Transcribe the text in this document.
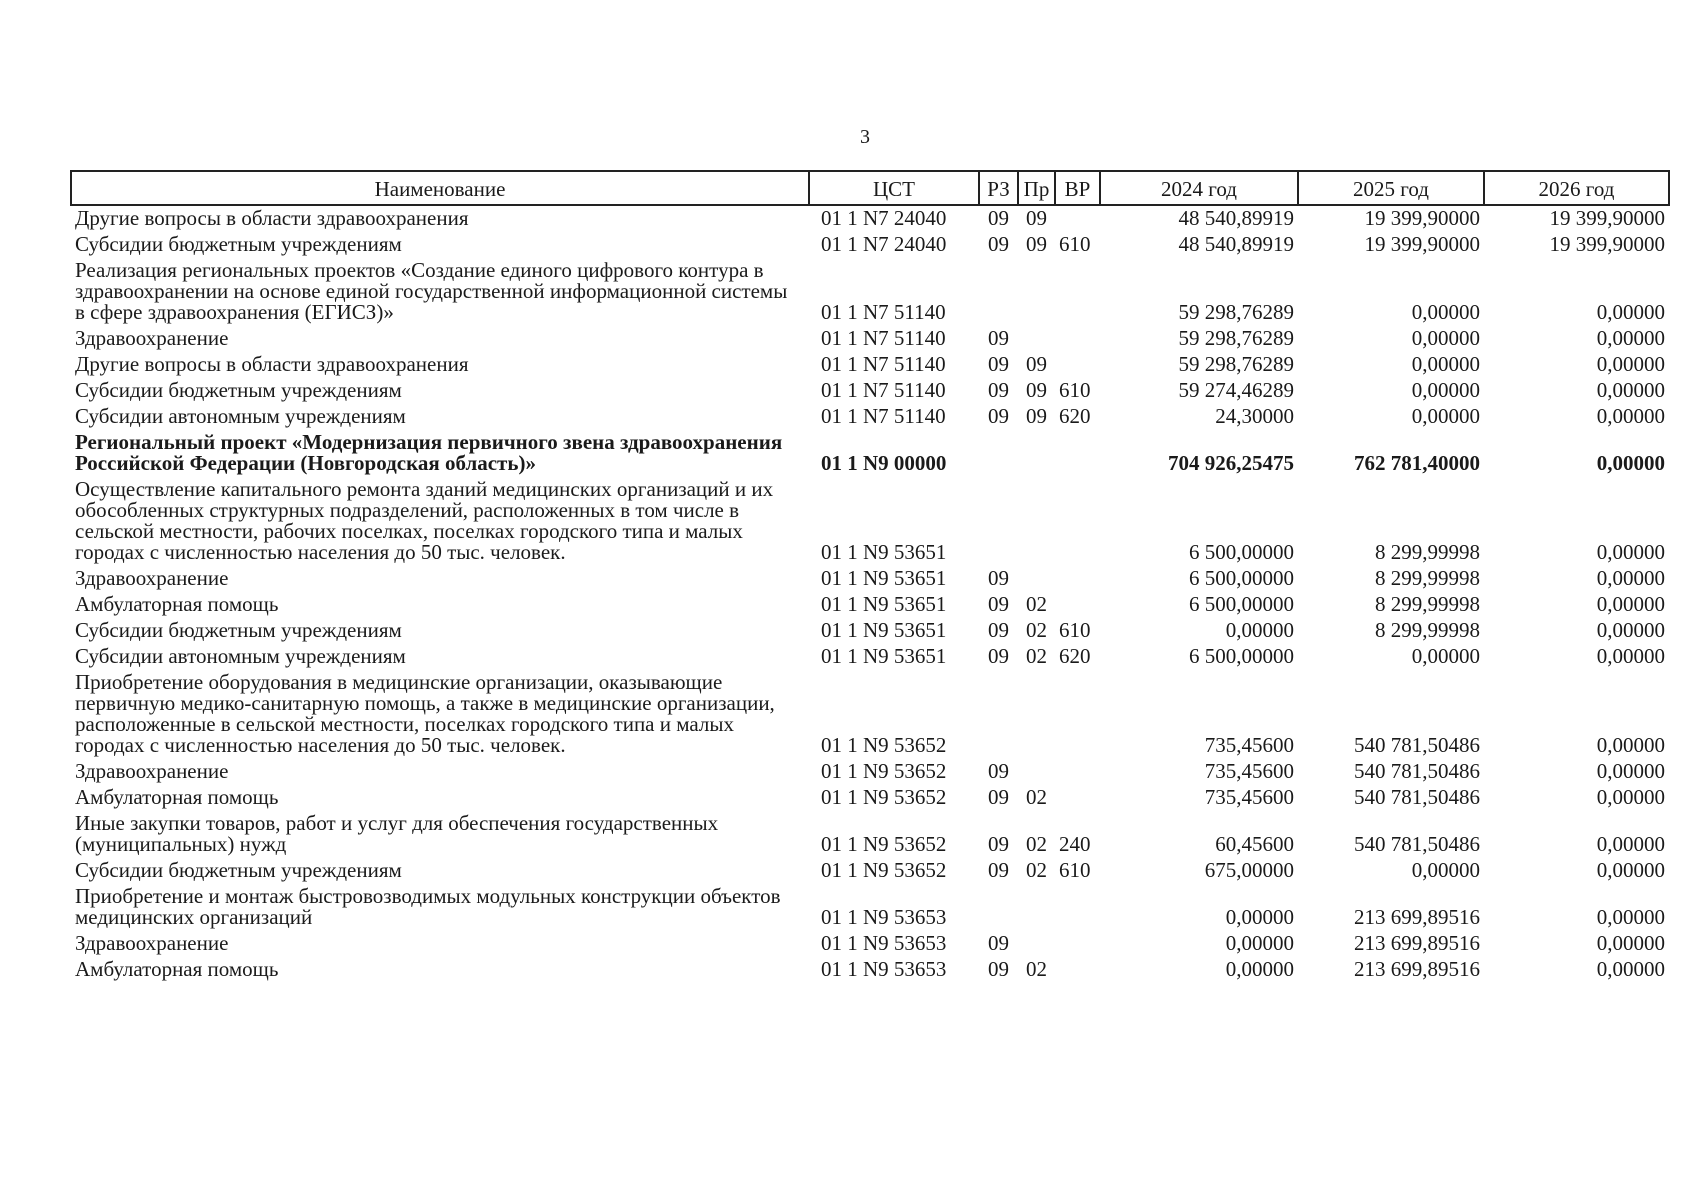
3
Наименование	ЦСТ	РЗ	Пр	ВР	2024 год	2025 год	2026 год
Другие вопросы в области здравоохранения	01 1 N7 24040	09	09		48 540,89919	19 399,90000	19 399,90000
Субсидии бюджетным учреждениям	01 1 N7 24040	09	09	610	48 540,89919	19 399,90000	19 399,90000
Реализация региональных проектов «Создание единого цифрового контура в здравоохранении на основе единой государственной информационной системы в сфере здравоохранения (ЕГИСЗ)»	01 1 N7 51140				59 298,76289	0,00000	0,00000
Здравоохранение	01 1 N7 51140	09			59 298,76289	0,00000	0,00000
Другие вопросы в области здравоохранения	01 1 N7 51140	09	09		59 298,76289	0,00000	0,00000
Субсидии бюджетным учреждениям	01 1 N7 51140	09	09	610	59 274,46289	0,00000	0,00000
Субсидии автономным учреждениям	01 1 N7 51140	09	09	620	24,30000	0,00000	0,00000
Региональный проект «Модернизация первичного звена здравоохранения Российской Федерации (Новгородская область)»	01 1 N9 00000				704 926,25475	762 781,40000	0,00000
Осуществление капитального ремонта зданий медицинских организаций и их обособленных структурных подразделений, расположенных в том числе в сельской местности, рабочих поселках, поселках городского типа и малых городах с численностью населения до 50 тыс. человек.	01 1 N9 53651				6 500,00000	8 299,99998	0,00000
Здравоохранение	01 1 N9 53651	09			6 500,00000	8 299,99998	0,00000
Амбулаторная помощь	01 1 N9 53651	09	02		6 500,00000	8 299,99998	0,00000
Субсидии бюджетным учреждениям	01 1 N9 53651	09	02	610	0,00000	8 299,99998	0,00000
Субсидии автономным учреждениям	01 1 N9 53651	09	02	620	6 500,00000	0,00000	0,00000
Приобретение оборудования в медицинские организации, оказывающие первичную медико-санитарную помощь, а также в медицинские организации, расположенные в сельской местности, поселках городского типа и малых городах с численностью населения до 50 тыс. человек.	01 1 N9 53652				735,45600	540 781,50486	0,00000
Здравоохранение	01 1 N9 53652	09			735,45600	540 781,50486	0,00000
Амбулаторная помощь	01 1 N9 53652	09	02		735,45600	540 781,50486	0,00000
Иные закупки товаров, работ и услуг для обеспечения государственных (муниципальных) нужд	01 1 N9 53652	09	02	240	60,45600	540 781,50486	0,00000
Субсидии бюджетным учреждениям	01 1 N9 53652	09	02	610	675,00000	0,00000	0,00000
Приобретение и монтаж быстровозводимых модульных конструкции объектов медицинских организаций	01 1 N9 53653				0,00000	213 699,89516	0,00000
Здравоохранение	01 1 N9 53653	09			0,00000	213 699,89516	0,00000
Амбулаторная помощь	01 1 N9 53653	09	02		0,00000	213 699,89516	0,00000
